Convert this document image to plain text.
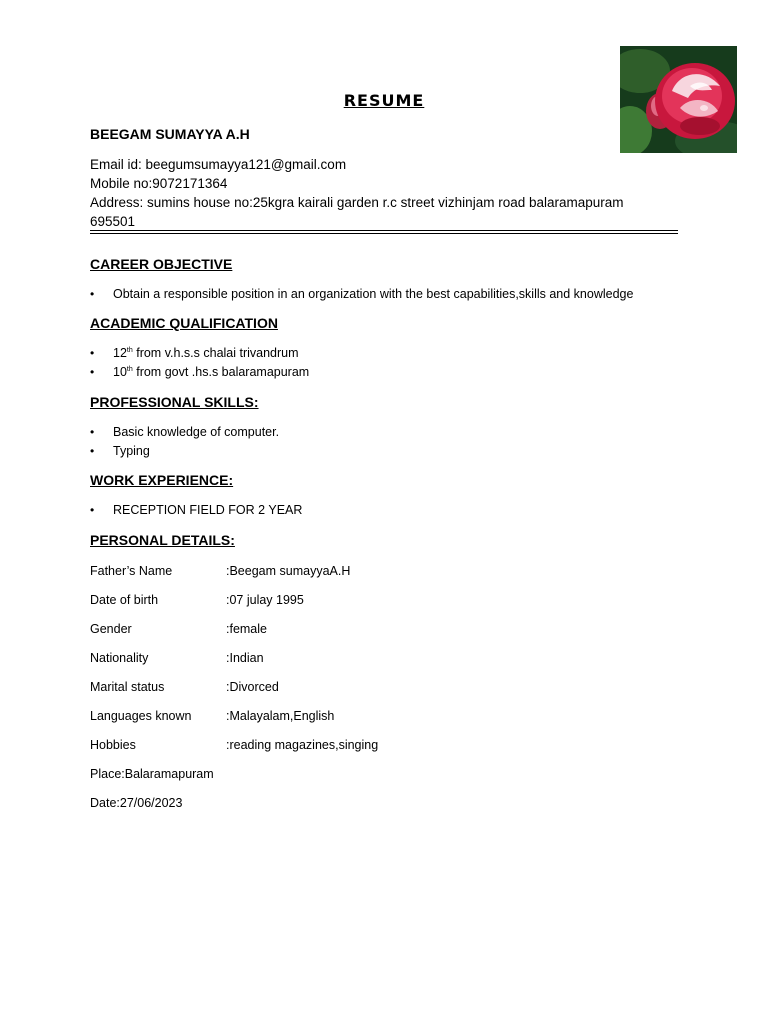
RESUME
BEEGAM SUMAYYA A.H
Email id: beegumsumayya121@gmail.com
Mobile no:9072171364
Address: sumins house no:25kgra kairali garden r.c street vizhinjam road balaramapuram 695501
CAREER OBJECTIVE
• Obtain a responsible position in an organization with the best capabilities,skills and knowledge
ACADEMIC QUALIFICATION
• 12th from v.h.s.s chalai trivandrum
• 10th from govt .hs.s balaramapuram
PROFESSIONAL SKILLS:
• Basic knowledge of computer.
• Typing
WORK EXPERIENCE:
• RECEPTION FIELD FOR 2 YEAR
PERSONAL DETAILS:
Father’s Name	:Beegam sumayyaA.H
Date of birth	:07 julay 1995
Gender	:female
Nationality	:Indian
Marital status	:Divorced
Languages known	:Malayalam,English
Hobbies	:reading magazines,singing
Place:Balaramapuram
Date:27/06/2023
